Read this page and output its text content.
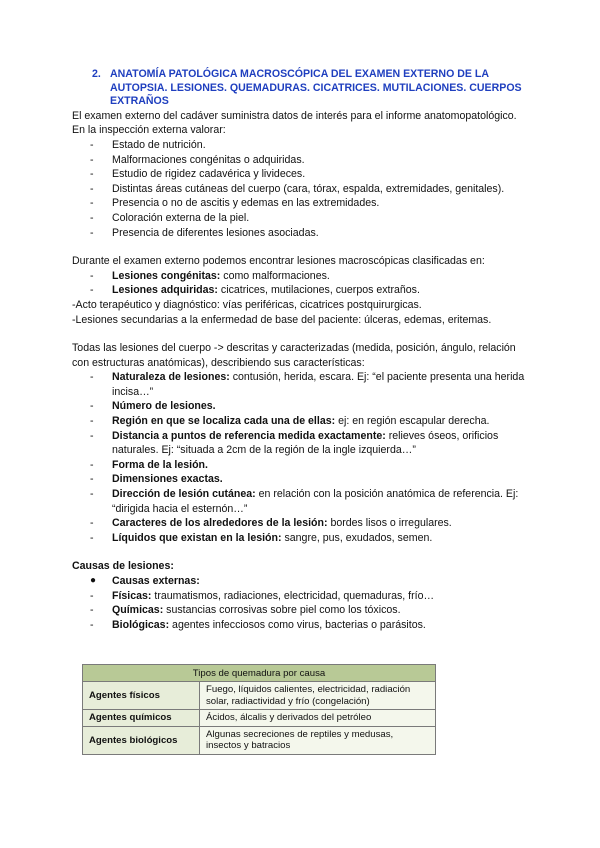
2. ANATOMÍA PATOLÓGICA MACROSCÓPICA DEL EXAMEN EXTERNO DE LA AUTOPSIA. LESIONES. QUEMADURAS. CICATRICES. MUTILACIONES. CUERPOS EXTRAÑOS

El examen externo del cadáver suministra datos de interés para el informe anatomopatológico. En la inspección externa valorar:

-	Estado de nutrición.
-	Malformaciones congénitas o adquiridas.
-	Estudio de rigidez cadavérica y livideces.
-	Distintas áreas cutáneas del cuerpo (cara, tórax, espalda, extremidades, genitales).
-	Presencia o no de ascitis y edemas en las extremidades.
-	Coloración externa de la piel.
-	Presencia de diferentes lesiones asociadas.

Durante el examen externo podemos encontrar lesiones macroscópicas clasificadas en:

-	Lesiones congénitas: como malformaciones.
-	Lesiones adquiridas: cicatrices, mutilaciones, cuerpos extraños.

-Acto terapéutico y diagnóstico: vías periféricas, cicatrices postquirurgicas.

-Lesiones secundarias a la enfermedad de base del paciente: úlceras, edemas, eritemas.

Todas las lesiones del cuerpo -> descritas y caracterizadas (medida, posición, ángulo, relación con estructuras anatómicas), describiendo sus características:

-	Naturaleza de lesiones: contusión, herida, escara. Ej: “el paciente presenta una herida incisa…”
-	Número de lesiones.
-	Región en que se localiza cada una de ellas: ej: en región escapular derecha.
-	Distancia a puntos de referencia medida exactamente: relieves óseos, orificios naturales. Ej: “situada a 2cm de la región de la ingle izquierda…”
-	Forma de la lesión.
-	Dimensiones exactas.
-	Dirección de lesión cutánea: en relación con la posición anatómica de referencia. Ej: “dirigida hacia el esternón…”
-	Caracteres de los alrededores de la lesión: bordes lisos o irregulares.
-	Líquidos que existan en la lesión: sangre, pus, exudados, semen.

Causas de lesiones:

●	Causas externas:
-	Físicas: traumatismos, radiaciones, electricidad, quemaduras, frío…
-	Químicas: sustancias corrosivas sobre piel como los tóxicos.
-	Biológicas: agentes infecciosos como virus, bacterias o parásitos.
Tipos de quemadura por causa	
Agentes físicos	Fuego, líquidos calientes, electricidad, radiación solar, radiactividad y frío (congelación)
Agentes químicos	Ácidos, álcalis y derivados del petróleo
Agentes biológicos	Algunas secreciones de reptiles y medusas, insectos y batracios
